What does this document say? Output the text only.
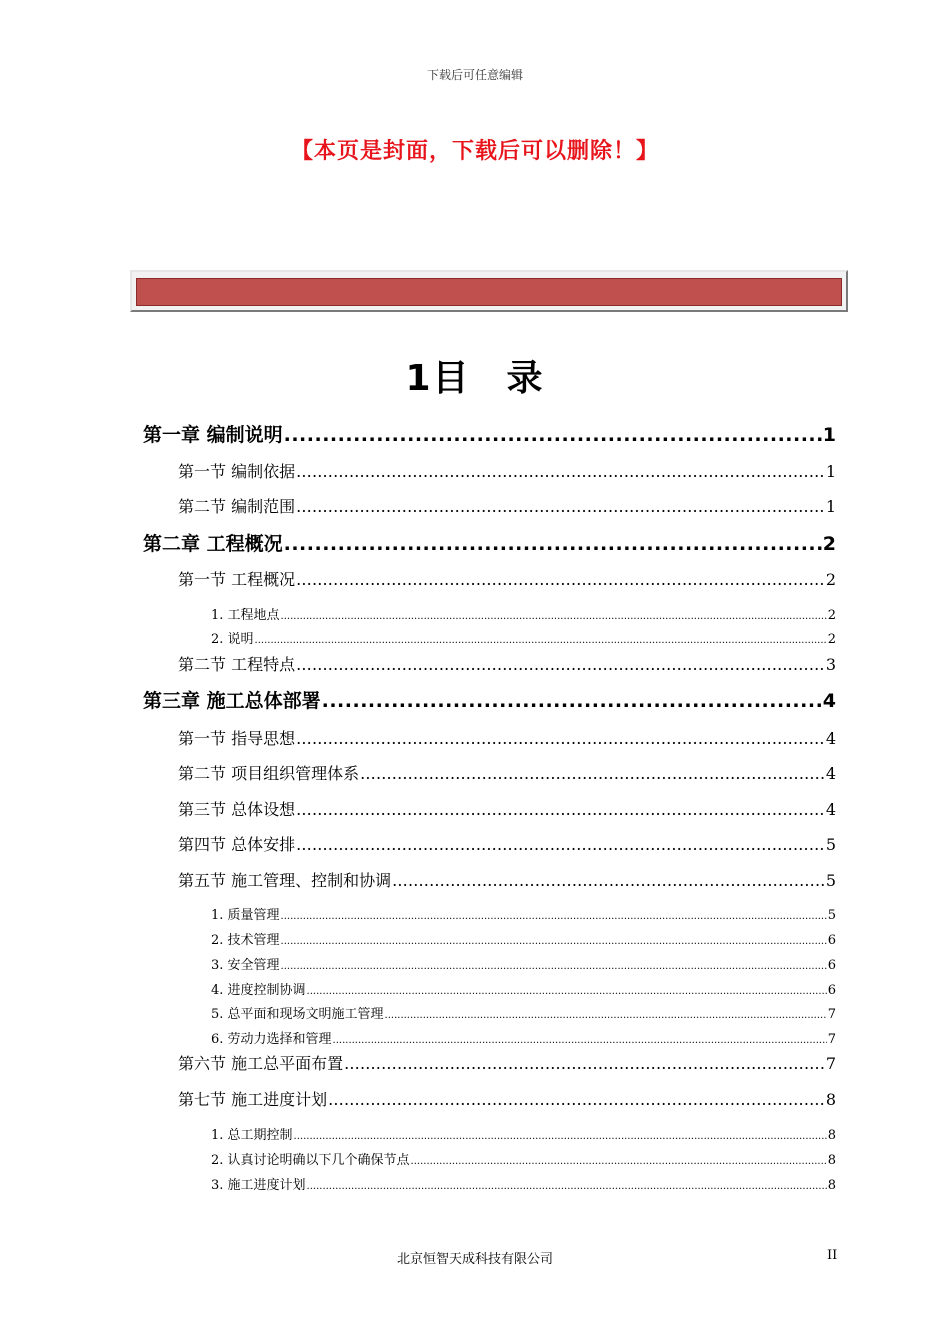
下载后可任意编辑
【本页是封面，下载后可以删除！】
1目 录
第一章 编制说明 .....	1
第一节 编制依据 .....	1
第二节 编制范围 .....	1
第二章 工程概况 .....	2
第一节 工程概况 .....	2
1. 工程地点 .....	2
2. 说明 .....	2
第二节 工程特点 .....	3
第三章 施工总体部署 .....	4
第一节 指导思想 .....	4
第二节 项目组织管理体系 .....	4
第三节 总体设想 .....	4
第四节 总体安排 .....	5
第五节 施工管理、控制和协调 .....	5
1. 质量管理 .....	5
2. 技术管理 .....	6
3. 安全管理 .....	6
4. 进度控制协调 .....	6
5. 总平面和现场文明施工管理 .....	7
6. 劳动力选择和管理 .....	7
第六节 施工总平面布置 .....	7
第七节 施工进度计划 .....	8
1. 总工期控制 .....	8
2. 认真讨论明确以下几个确保节点 .....	8
3. 施工进度计划 .....	8
北京恒智天成科技有限公司	II
